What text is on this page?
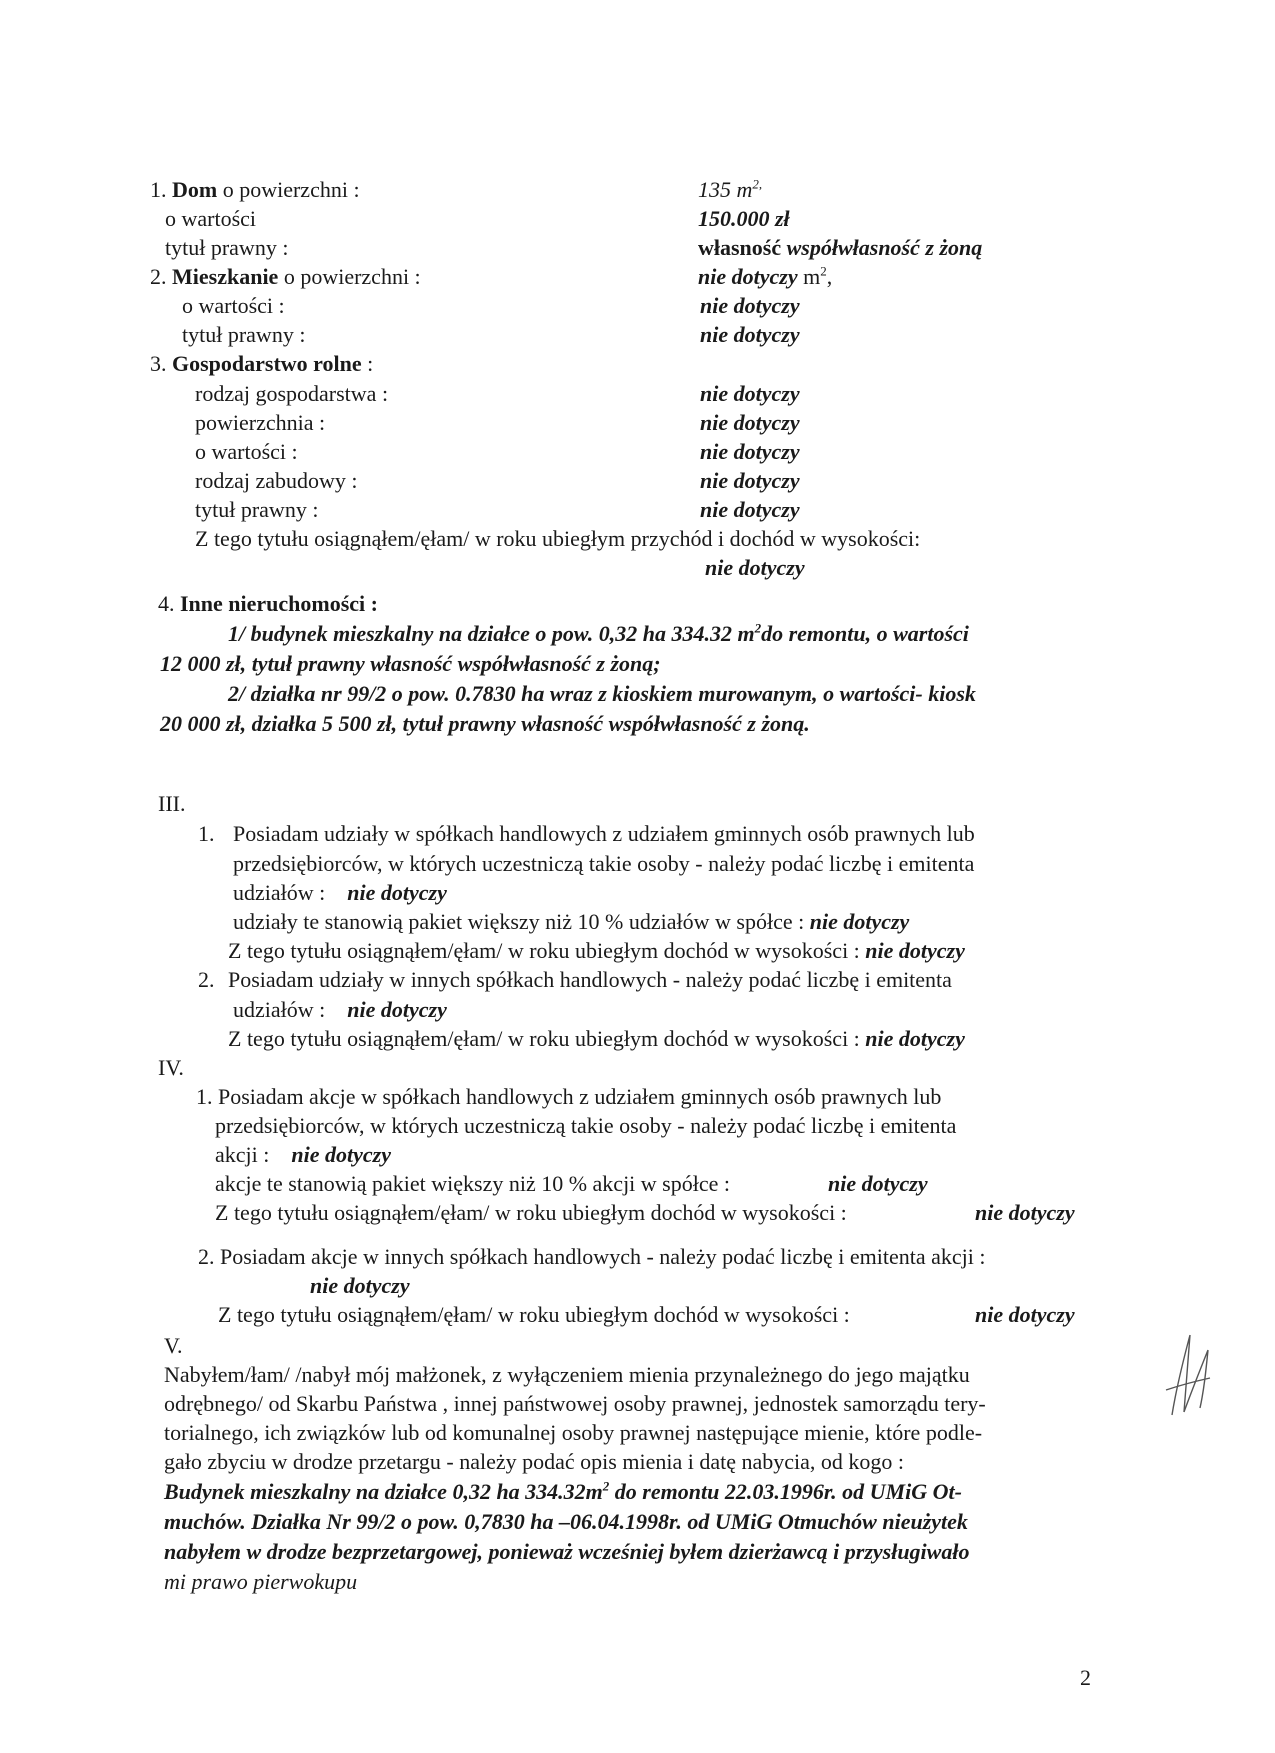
1. Dom o powierzchni :	135 $m^{2,}$
o wartości	150.000 zł
tytuł prawny :	własność współwłasność z żoną
2. Mieszkanie o powierzchni :	nie dotyczy $m^2$,
o wartości :	nie dotyczy
tytuł prawny :	nie dotyczy
3. Gospodarstwo rolne :
rodzaj gospodarstwa :	nie dotyczy
powierzchnia :	nie dotyczy
o wartości :	nie dotyczy
rodzaj zabudowy :	nie dotyczy
tytuł prawny :	nie dotyczy
Z tego tytułu osiągnąłem/ęłam/ w roku ubiegłym przychód i dochód w wysokości:
nie dotyczy
4. Inne nieruchomości :
1/ budynek mieszkalny na działce o pow. 0,32 ha 334.32 $m^2do$ remontu, o wartości
12 000 zł, tytuł prawny własność współwłasność z żoną;
2/ działka nr 99/2 o pow. 0.7830 ha wraz z kioskiem murowanym, o wartości- kiosk
20 000 zł, działka 5 500 zł, tytuł prawny własność współwłasność z żoną.
III.
1. Posiadam udziały w spółkach handlowych z udziałem gminnych osób prawnych lub
przedsiębiorców, w których uczestniczą takie osoby - należy podać liczbę i emitenta
udziałów : nie dotyczy
udziały te stanowią pakiet większy niż 10 % udziałów w spółce : nie dotyczy
Z tego tytułu osiągnąłem/ęłam/ w roku ubiegłym dochód w wysokości : nie dotyczy
2. Posiadam udziały w innych spółkach handlowych - należy podać liczbę i emitenta
udziałów : nie dotyczy
Z tego tytułu osiągnąłem/ęłam/ w roku ubiegłym dochód w wysokości : nie dotyczy
IV.
1. Posiadam akcje w spółkach handlowych z udziałem gminnych osób prawnych lub
przedsiębiorców, w których uczestniczą takie osoby - należy podać liczbę i emitenta
akcji : nie dotyczy
akcje te stanowią pakiet większy niż 10 % akcji w spółce :	nie dotyczy
Z tego tytułu osiągnąłem/ęłam/ w roku ubiegłym dochód w wysokości :	nie dotyczy
2. Posiadam akcje w innych spółkach handlowych - należy podać liczbę i emitenta akcji :
nie dotyczy
Z tego tytułu osiągnąłem/ęłam/ w roku ubiegłym dochód w wysokości :	nie dotyczy
V.
Nabyłem/łam/ /nabył mój małżonek, z wyłączeniem mienia przynależnego do jego majątku
odrębnego/ od Skarbu Państwa , innej państwowej osoby prawnej, jednostek samorządu tery-
torialnego, ich związków lub od komunalnej osoby prawnej następujące mienie, które podle-
gało zbyciu w drodze przetargu - należy podać opis mienia i datę nabycia, od kogo :
Budynek mieszkalny na działce 0,32 ha $334.32m^2$ do remontu 22.03.1996r. od UMiG Ot-
muchów. Działka Nr 99/2 o pow. 0,7830 ha –06.04.1998r. od UMiG Otmuchów nieużytek
nabyłem w drodze bezprzetargowej, ponieważ wcześniej byłem dzierżawcą i przysługiwało
mi prawo pierwokupu
2
